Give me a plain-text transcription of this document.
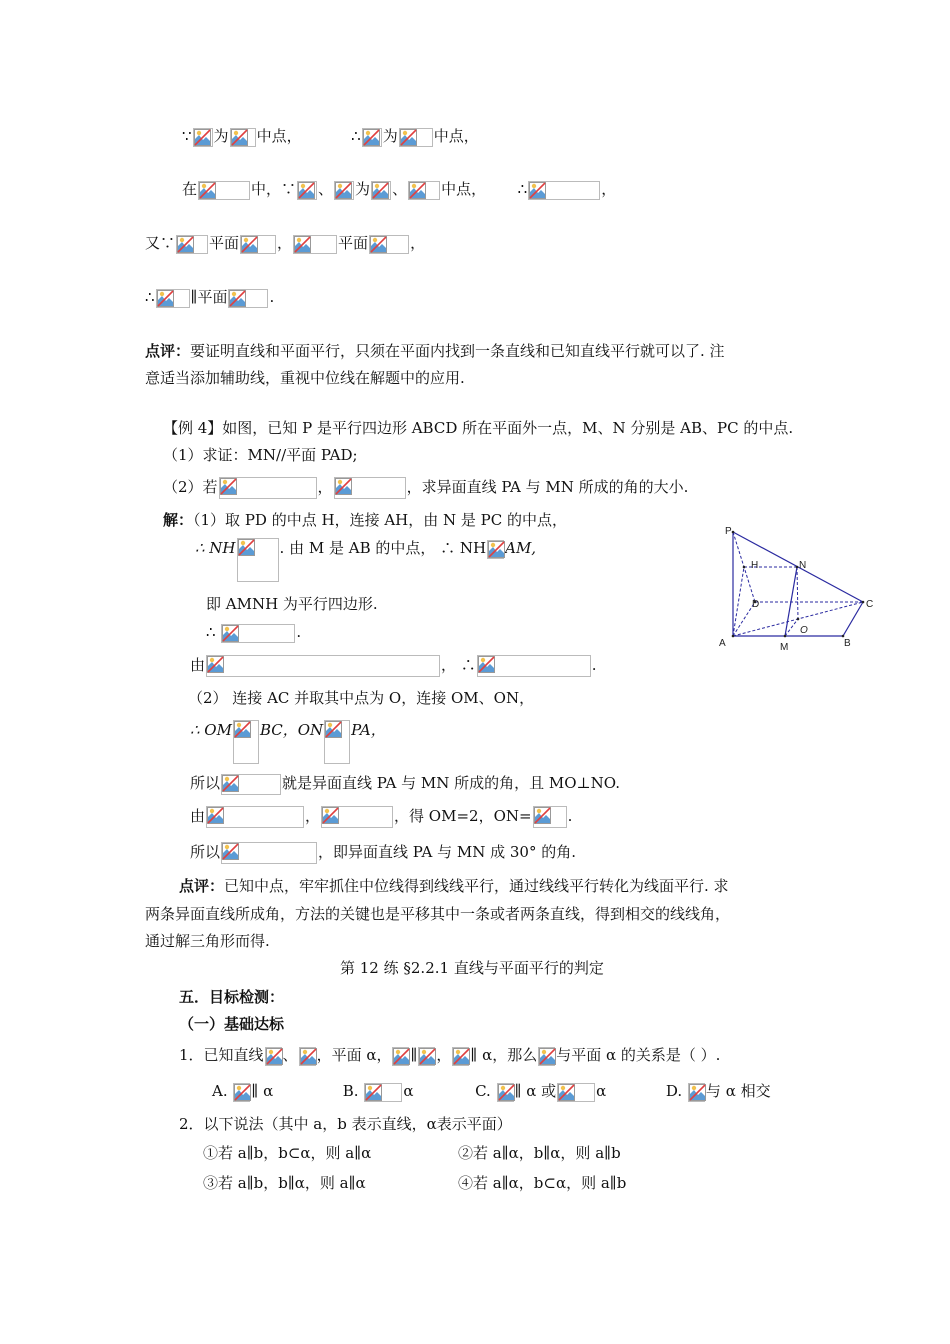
∵ 为 中点，	∴ 为 中点，
在	中，∵ 、 为 、 中点， ∴	，
又∵ 平面	，	平面	，
∴ ∥平面	.
点评：要证明直线和平面平行，只须在平面内找到一条直线和已知直线平行就可以了. 注
意适当添加辅助线，重视中位线在解题中的应用.
【例 4】如图，已知 P 是平行四边形 ABCD 所在平面外一点，M、N 分别是 AB、PC 的中点.
（1）求证：MN//平面 PAD;
（2）若	，	，求异面直线 PA 与 MN 所成的角的大小.
解：（1）取 PD 的中点 H，连接 AH，由 N 是 PC 的中点，
∴ NH	. 由 M 是 AB 的中点， ∴ NH AM,
即 AMNH 为平行四边形.
∴	.
由	， ∴	.
（2） 连接 AC 并取其中点为 O，连接 OM、ON，
∴ OM BC，ON PA，
所以	就是异面直线 PA 与 MN 所成的角，且 MO⊥NO.
由	，	，得 OM=2，ON= .
所以	，即异面直线 PA 与 MN 成 30° 的角.
P
H	N
D	C
O
A	M	B
点评：已知中点，牢牢抓住中位线得到线线平行，通过线线平行转化为线面平行. 求
两条异面直线所成角，方法的关键也是平移其中一条或者两条直线，得到相交的线线角，
通过解三角形而得.
第 12 练 §2.2.1 直线与平面平行的判定
五．目标检测：
（一）基础达标
1．已知直线 、 ，平面 α， ∥ ， ∥ α，那么 与平面 α 的关系是（ ）.
A. ∥ α	B.	α	C. ∥ α 或	α	D. 与 α 相交
2．以下说法（其中 a，b 表示直线，α表示平面）
①若 a∥b，b⊂α，则 a∥α	②若 a∥α，b∥α，则 a∥b
③若 a∥b，b∥α，则 a∥α	④若 a∥α，b⊂α，则 a∥b
